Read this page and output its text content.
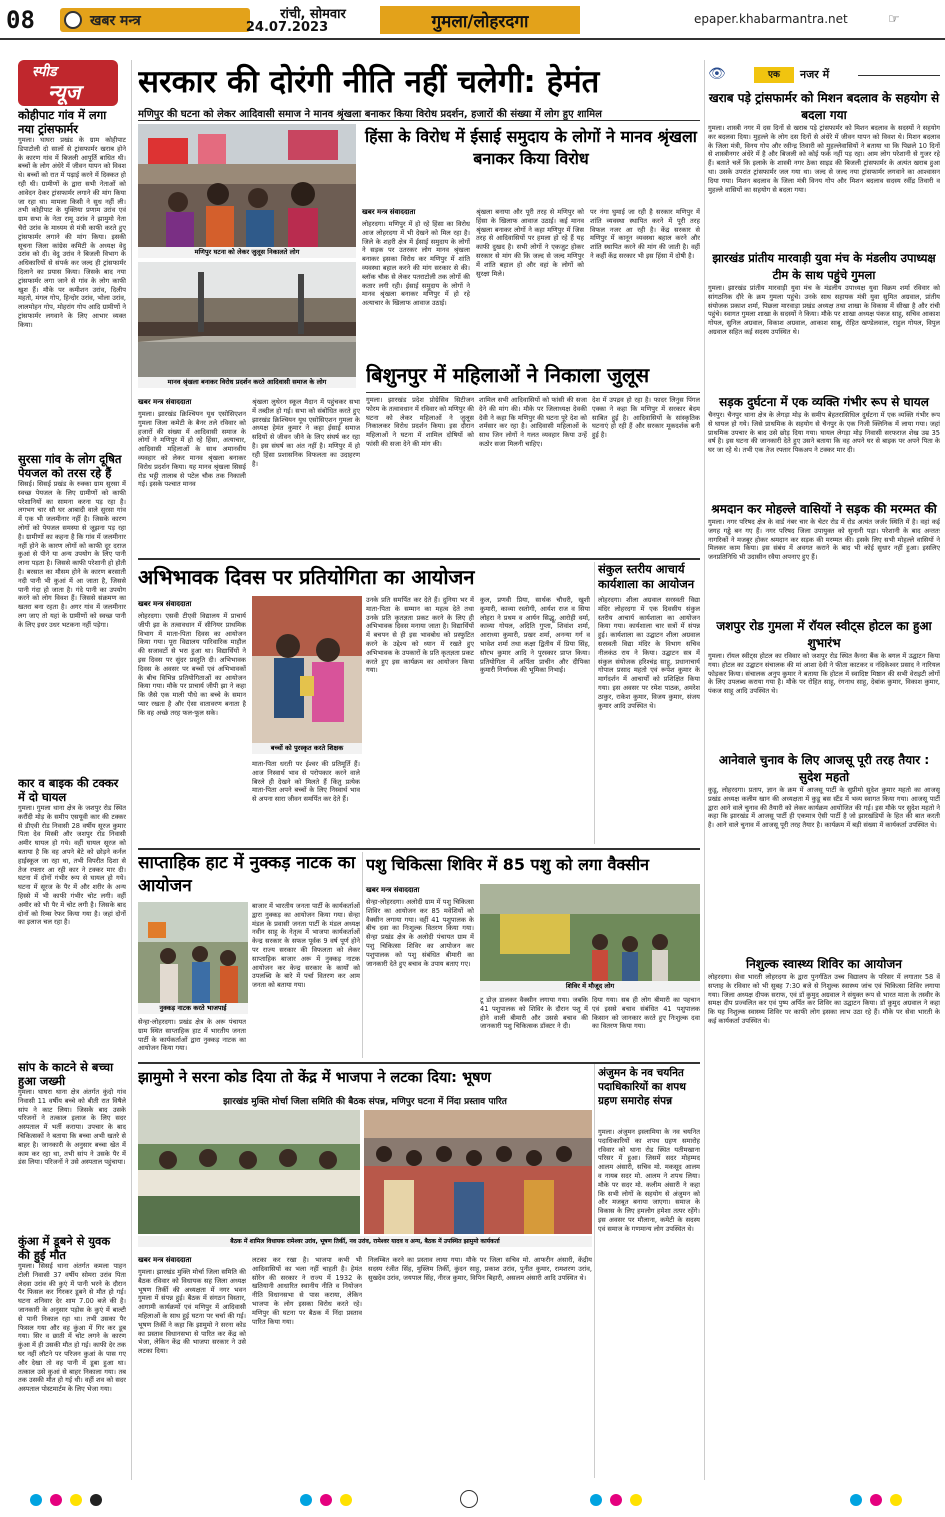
08	खबर मन्त्र	रांची, सोमवार
24.07.2023	गुमला/लोहरदगा	epaper.khabarmantra.net	☞
स्पीड
न्यूज
कोहीपाट गांव में लगा नया ट्रांसफार्मर
गुमला। घाघरा प्रखंड के ग्राम कोहीपाट डिपाटोली दो सालों से ट्रांसफार्मर खराब होने के कारण गांव में बिजली आपूर्ति बाधित थी। बच्चों के लोग अंधेरे में जीवन यापन को विवश थे। बच्चों को रात में पढ़ाई करने में दिक्कत हो रही थी। ग्रामीणों के द्वारा सभी नेताओं को आवेदन देकर ट्रांसफार्मर लगाने की मांग किया जा रहा था। मामला किसी ने सुध नहीं ली। तभी कोहीपाट के युक्तिया प्रणाम उरांव एवं ग्राम सभा के नेता रामू उरांव ने झामुमो नेता चैरो उरांव के माध्यम से मंत्री काफी करते हुए ट्रांसफार्मर लगाने की मांग किया। इसकी सूचना जिला कांग्रेस कमिटी के अध्यक्ष वेदु उरांव को दी। वेदु उरांव ने बिजली विभाग के अधिकारियों से संपर्क कर जल्द ही ट्रांसफार्मर दिलाने का प्रयास किया। जिसके बाद नया ट्रांसफार्मर लगा जाने से गांव के लोग काफी खुश हैं। मौके पर कमीशन उरांव, दिलीप महतो, मंगल गोप, हिन्दोर उरांव, भोला उरांव, लालमोहन गोप, मोहरांग गोप आदि ग्रामीणों ने ट्रांसफार्मर लगवाने के लिए आभार व्यक्त किया।
सुरसा गांव के लोग दूषित पेयजल को तरस रहे हैं
सिसई। सिसई प्रखंड के रुक्का ग्राम सुरसा में स्वच्छ पेयजल के लिए ग्रामीणों को काफी परेशानियों का सामना करना पड़ रहा है। लगभग चार सौ घर आबादी वाले सुरसा गांव में एक भी जलमीनार नहीं है। जिसके कारण लोगों को पेयजल समस्या से जूझना पड़ रहा है। ग्रामीणों का कहना है कि गांव में जलमीनार नहीं होने के कारण लोगों को काफी दूर दराज कुआं से पीने या अन्य उपयोग के लिए पानी लाना पड़ता है। जिससे काफी परेशानी हो होती है। बरसात का मौसम होने के कारण बरसाती नदी पानी भी कुआं में आ जाता है, जिससे पानी गंदा हो जाता है। गंदे पानी का उपयोग करने को लोग विवश हैं। जिससे संक्रमण का खतरा बना रहता है। अगर गांव में जलमीनार लग जाए तो यहां के ग्रामीणों को स्वच्छ पानी के लिए इधर उधर भटकना नहीं पड़ेगा।
कार व बाइक की टक्कर में दो घायल
गुमला। गुमला थाना क्षेत्र के जशपुर रोड स्थित करौंदी मोड़ के समीप एसयूवी कार की टक्कर से डीएवी रोड निवासी 28 वर्षीय सूरज कुमार पिता देव मिस्त्री और जशपुर रोड निवासी अमीर घायल हो गये। वहीं घायल सूरज को बताया है कि वह अपने बेटे को छोड़ने कर्नल हाईस्कूल जा रहा था, तभी विपरीत दिशा से तेज रफ्तार आ रही कार ने टक्कर मार दी। घटना में दोनों गंभीर रूप से घायल हो गये। घटना में सूरज के पैर में और शरीर के अन्य हिस्से में भी काफी गंभीर चोट लगी। वहीं अमीर को भी पैर में चोट लगी है। जिसके बाद दोनों को रिम्स रेफर किया गया है। जहां दोनों का इलाज चल रहा है।
सांप के काटने से बच्चा हुआ जख्मी
गुमला। घाघरा थाना क्षेत्र अंतर्गत कुंदो गांव निवासी 11 वर्षीय बच्चे को बीती रात विषैले सांप ने काट लिया। जिसके बाद उसके परिजनों ने तत्काल इलाज के लिए सदर अस्पताल में भर्ती कराया। उपचार के बाद चिकित्सकों ने बताया कि बच्चा अभी खतरे से बाहर है। जानकारी के अनुसार बच्चा खेत में काम कर रहा था, तभी सांप ने उसके पैर में डंस लिया। परिजनों ने उसे अस्पताल पहुंचाया।
कुंआ में डूबने से युवक की हुई मौत
गुमला। सिसई थाना अंतर्गत कमला पाहन टोली निवासी 37 वर्षीय सोमरा उरांव पिता लेदवा उरांव की कुएं में पानी भरने के दौरान पैर फिसल कर गिरकर डूबने से मौत हो गई। घटना शनिवार देर शाम 7.00 बजे की है। जानकारी के अनुसार पड़ोस के कुएं में बाल्टी से पानी निकाल रहा था। तभी उसका पैर फिसल गया और वह कुंआ में गिर कर डूब गया। सिर व छाती में चोट लगने के कारण कुंआ में ही उसकी मौत हो गई। काफी देर तक घर नहीं लौटने पर परिजन कुआं के पास गए और देखा तो वह पानी में डूबा हुआ था। तत्काल उसे कुआं से बाहर निकाला गया। तब तक उसकी मौत हो गई थी। वहीं शव को सदर अस्पताल पोस्टमार्टम के लिए भेजा गया।
सरकार की दोरंगी नीति नहीं चलेगी: हेमंत
मणिपुर की घटना को लेकर आदिवासी समाज ने मानव श्रृंखला बनाकर किया विरोध प्रदर्शन, हजारों की संख्या में लोग हुए शामिल
मणिपुर घटना को लेकर जुलूस निकालते लोग
मानव श्रृंखला बनाकर विरोध प्रदर्शन करते आदिवासी समाज के लोग
हिंसा के विरोध में ईसाई समुदाय के लोगों ने मानव श्रृंखला बनाकर किया विरोध
खबर मन्त्र संवाददाता
लोहरदगा। मणिपुर में हो रहे हिंसा का विरोध आज लोहरदगा में भी देखने को मिल रहा है। जिले के शहरी क्षेत्र में ईसाई समुदाय के लोगों ने सड़क पर उतरकर लोग मानव श्रृंखला बनाकर इसका विरोध कर मणिपुर में शांति व्यवस्था बहाल करने की मांग सरकार से की। ब्लॉक चौक से लेकर पतराटोली तक लोगों की कतार लगी रही। ईसाई समुदाय के लोगों ने मानव श्रृंखला बनाकर मणिपुर में हो रहे अत्याचार के खिलाफ आवाज उठाई।
श्रृंखला बनाया और पूरी तरह से मणिपुर को हिंसा के खिलाफ आवाज उठाई। कई मानव श्रृंखला बनाकर लोगों ने कहा मणिपुर में जिस तरह से आदिवासियों पर हमला हो रहे हैं यह काफी दुखद है। सभी लोगों ने एकजुट होकर सरकार से मांग की कि जल्द से जल्द मणिपुर में शांति बहाल हो और वहां के लोगों को सुरक्षा मिले।
पर नंगा घुमाई जा रही है सरकार मणिपुर में शांति व्यवस्था स्थापित करने में पूरी तरह विफल नजर आ रही है। केंद्र सरकार से मणिपुर में कानून व्यवस्था बहाल करने और शांति स्थापित करने की मांग की जाती है। वहीं ने कहीं केंद्र सरकार भी इस हिंसा में दोषी है।
खबर मन्त्र संवाददाता
गुमला। झारखंड क्रिश्चियन यूथ एसोसिएशन गुमला जिला कमेटी के बैनर तले रविवार को हजारों की संख्या में आदिवासी समाज के लोगों ने मणिपुर में हो रहे हिंसा, अत्याचार, आदिवासी महिलाओं के साथ अमानवीय व्यवहार को लेकर मानव श्रृंखला बनाकर विरोध प्रदर्शन किया। यह मानव श्रृंखला सिसई रोड भट्ठी तालाब से पटेल चौक तक निकाली गई। इसके पश्चात मानव
श्रृंखला लुथेरन स्कूल मैदान में पहुंचकर सभा में तब्दील हो गई। सभा को संबोधित करते हुए झारखंड क्रिश्चियन यूथ एसोसिएशन गुमला के अध्यक्ष हेमंत कुमार ने कहा ईसाई समाज सदियों से जीवन जीने के लिए संघर्ष कर रहा है। इस संघर्ष का अंत नहीं है। मणिपुर में हो रही हिंसा प्रशासनिक विफलता का उदाहरण है।
बिशुनपुर में महिलाओं ने निकाला जुलूस
गुमला। झारखंड प्रदेश प्रोग्रेसिव सिटीजन फोरम के तत्वावधान में रविवार को मणिपुर की घटना को लेकर महिलाओं ने जुलूस निकालकर विरोध प्रदर्शन किया। इस दौरान महिलाओं ने घटना में शामिल दोषियों को फांसी की सजा देने की मांग की।
शामिल सभी आदिवासियों को फांसी की सजा देने की मांग की। मौके पर जिलाध्यक्ष देवकी देवी ने कहा कि मणिपुर की घटना पूरे देश को शर्मसार कर रहा है। आदिवासी महिलाओं के साथ जिन लोगों ने गलत व्यवहार किया उन्हें कठोर सजा मिलनी चाहिए।
देश में उपद्रव हो रहा है। फादर लिनुस पिंगल एक्का ने कहा कि मणिपुर में सरकार बेदम साबित हुई है। आदिवासियों के सांस्कृतिक घटनाएं हो रही हैं और सरकार मूकदर्शक बनी हुई है।
अभिभावक दिवस पर प्रतियोगिता का आयोजन
खबर मन्त्र संवाददाता
लोहरदगा। एसवी टीएवी विद्यालय में प्राचार्य जीपी झा के तत्वावधान में सीनियर प्राथमिक विभाग में माता-पिता दिवस का आयोजन किया गया। पूरा विद्यालय पारिवारिक माहौल की सजावटों से भरा हुआ था। विद्यार्थियों ने इस दिवस पर सुंदर प्रस्तुति दी। अभिभावक दिवस के अवसर पर बच्चों एवं अभिभावकों के बीच विभिन्न प्रतियोगिताओं का आयोजन किया गया। मौके पर प्राचार्य जीपी झा ने कहा कि जैसे एक माली पौधे का बच्चे के समान प्यार रखता है और ऐसा वातावरण बनाता है कि वह अच्छे तरह फल-फूल सके।
बच्चों को पुरस्कृत करते शिक्षक
माता-पिता धरती पर ईश्वर की प्रतिमूर्ति हैं। आज निस्वार्थ भाव से परोपकार करने वाले बिरले ही देखने को मिलते हैं किंतु प्रत्येक माता-पिता अपने बच्चों के लिए निस्वार्थ भाव से अपना सारा जीवन समर्पित कर देते हैं।
उनके प्रति समर्पित कर देते हैं। दुनिया भर में माता-पिता के सम्मान का महत्व देते तथा उनके प्रति कृतज्ञता प्रकट करने के लिए ही अभिभावक दिवस मनाया जाता है। विद्यार्थियों में बचपन से ही इस भावबोध को प्रस्फुटित करने के उद्देश्य को ध्यान में रखते हुए अभिभावक के उपकारों के प्रति कृतज्ञता प्रकट करते हुए इस कार्यक्रम का आयोजन किया गया।
कुल, प्रणवी प्रिया, सार्थक चौधरी, खुशी कुमारी, काव्या रस्तोगी, आर्यश राज व सिया लोहरा ने प्रथम व आर्यन सिद्धू, आरोही वर्मा, काव्या गोयल, अदिति गुप्ता, शिवांश शर्मा, आराध्या कुमारी, प्रखर शर्मा, अनन्या गर्ग व भावेश शर्मा तथा कक्षा द्वितीय में प्रिया सिंह, सौरभ कुमार आदि ने पुरस्कार प्राप्त किया। प्रतियोगिता में अर्पिता प्राचीन और दीपिका कुमारी निर्णायक की भूमिका निभाई।
संकुल स्तरीय आचार्य कार्यशाला का आयोजन
लोहरदगा। शीला अग्रवाल सरस्वती विद्या मंदिर लोहरदगा में एक दिवसीय संकुल स्तरीय आचार्य कार्यशाला का आयोजन किया गया। कार्यशाला चार सत्रों में संपन्न हुई। कार्यशाला का उद्घाटन शीला अग्रवाल सरस्वती विद्या मंदिर के विभाग सचिव नीलकंठ राय ने किया। उद्घाटन सत्र में संकुल संयोजक हरिश्चंद्र साहू, प्रधानाचार्य गोपाल प्रसाद महतो एवं रूपेश कुमार के मार्गदर्शन में आचार्यों को प्रशिक्षित किया गया। इस अवसर पर रमेश पाठक, अमरेश ठाकुर, राकेश कुमार, विजय कुमार, संजय कुमार आदि उपस्थित थे।
साप्ताहिक हाट में नुक्कड़ नाटक का आयोजन
नुक्कड़ नाटक करते भाजपाई
सेन्हा-लोहरदगा। प्रखंड क्षेत्र के अरू पंचायत ग्राम स्थित साप्ताहिक हाट में भारतीय जनता पार्टी के कार्यकर्ताओं द्वारा नुक्कड़ नाटक का आयोजन किया गया।
बाजार में भारतीय जनता पार्टी के कार्यकर्ताओं द्वारा नुक्कड़ का आयोजन किया गया। सेन्हा मंडल के प्रवासी जनता पार्टी के मंडल अध्यक्ष नवीन साहू के नेतृत्व में भाजपा कार्यकर्ताओं केन्द्र सरकार के सफल पूर्वक 9 वर्ष पूर्ण होने पर राज्य सरकार की विफलता को लेकर साप्ताहिक बाजार अरू में नुक्कड़ नाटक आयोजन कर केन्द्र सरकार के कार्यों को उपलब्धि के बारे में पर्चा वितरण कर आम जनता को बताया गया।
पशु चिकित्सा शिविर में 85 पशु को लगा वैक्सीन
खबर मन्त्र संवाददाता
सेन्हा-लोहरदगा। अलोदी ग्राम में पशु चिकित्सा शिविर का आयोजन कर 85 मवेशियों को वैक्सीन लगाया गया। वहीं 41 पशुपालक के बीच दवा का निःशुल्क वितरण किया गया। सेन्हा प्रखंड क्षेत्र के अलोदी पंचायत ग्राम में पशु चिकित्सा शिविर का आयोजन कर पशुपालक को पशु संबंधित बीमारी का जानकारी देते हुए बचाव के उपाय बताए गए।
शिविर में मौजूद लोग
टू डोज़ डालकर वैक्सीन लगाया गया। जबकि 41 पशुपालक को शिविर के दौरान पशु में होने वाली बीमारी और उससे बचाव की जानकारी पशु चिकित्सक डॉक्टर ने दी।
दिया गया। सब ही लोग बीमारी का पहचान एवं इससे बचाव संबंधित 41 पशुपालक किसान को जानकार करते हुए निःशुल्क दवा का वितरण किया गया।
झामुमो ने सरना कोड दिया तो केंद्र में भाजपा ने लटका दिया: भूषण
झारखंड मुक्ति मोर्चा जिला समिति की बैठक संपन्न, मणिपुर घटना में निंदा प्रस्ताव पारित
बैठक में शामिल विधायक रामेश्वर उरांव, भूषण तिर्की, नव उरांव, रामेश्वर यादव व अन्य, बैठक में उपस्थित झामुमो कार्यकर्ता
खबर मन्त्र संवाददाता
गुमला। झारखंड मुक्ति मोर्चा जिला समिति की बैठक रविवार को विधायक सह जिला अध्यक्ष भूषण तिर्की की अध्यक्षता में नगर भवन गुमला में संपन्न हुई। बैठक में संगठन विस्तार, आगामी कार्यक्रमों एवं मणिपुर में आदिवासी महिलाओं के साथ हुई घटना पर चर्चा की गई। भूषण तिर्की ने कहा कि झामुमो ने सरना कोड का प्रस्ताव विधानसभा से पारित कर केंद्र को भेजा, लेकिन केंद्र की भाजपा सरकार ने उसे लटका दिया।
लटका कर रखा है। भाजपा कभी भी आदिवासियों का भला नहीं चाहती है। हेमंत सोरेन की सरकार ने राज्य में 1932 के खतियानी आधारित स्थानीय नीति व नियोजन नीति विधानसभा से पास कराया, लेकिन भाजपा के लोग इसका विरोध करते रहे। मणिपुर की घटना पर बैठक में निंदा प्रस्ताव पारित किया गया।
निलम्बित करने का प्रस्ताव लाया गया। मौके पर जिला सचिव मो. आफरीन अंसारी, केंद्रीय सदस्य रंजीत सिंह, मुस्लिम तिर्की, कुंदन साहू, प्रकाश उरांव, पुनीत कुमार, रामशरण उरांव, सुखदेव उरांव, जयपाल सिंह, नीरज कुमार, विपिन बिहारी, असलम अंसारी आदि उपस्थित थे।
अंजुमन के नव चयनित पदाधिकारियों का शपथ ग्रहण समारोह संपन्न
गुमला। अंजुमन इस्लामिया के नव चयनित पदाधिकारियों का शपथ ग्रहण समारोह रविवार को थाना रोड स्थित यतीमखाना परिसर में हुआ। जिसमें सदर मोहम्मद आलम अंसारी, सचिव मो. मकसूद आलम व नायब सदर मो. आलम ने शपथ लिया। मौके पर सदर मो. कलीम अंसारी ने कहा कि सभी लोगों के सहयोग से अंजुमन को और मजबूत बनाया जाएगा। समाज के विकास के लिए हमलोग हमेशा तत्पर रहेंगे। इस अवसर पर मौलाना, कमेटी के सदस्य एवं समाज के गणमान्य लोग उपस्थित थे।
👁	एक	नजर में
खराब पड़े ट्रांसफार्मर को मिशन बदलाव के सहयोग से बदला गया
गुमला। शास्त्री नगर में दस दिनों से खराब पड़े ट्रांसफार्मर को मिशन बदलाव के सदस्यों ने सहयोग कर बदलवा दिया। मुहल्ले के लोग दस दिनों से अंधेरे में जीवन यापन को विवश थे। मिशन बदलाव के जिला मंत्री, विनय गोप और रवीन्द्र तिवारी को मुहल्लेवासियों ने बताया था कि पिछले 10 दिनों से शास्त्रीनगर अंधेरे में है और बिजली को कोई फर्क नहीं पड़ रहा। आम लोग परेशानी से गुजर रहे हैं। बताते चलें कि इलाके के शास्त्री नगर ठेका साइड की बिजली ट्रांसफार्मर के अत्यंत खराब हुआ था। उसके उपरांत ट्रांसफार्मर जल गया था। जल्द से जल्द नया ट्रांसफार्मर लगवाने का आश्वासन दिया गया। मिशन बदलाव के जिला मंत्री विनय गोप और मिशन बदलाव सदस्य रवींद्र तिवारी व मुहल्ले वासियों का सहयोग से बदला गया।
झारखंड प्रांतीय मारवाड़ी युवा मंच के मंडलीय उपाध्यक्ष टीम के साथ पहुंचे गुमला
गुमला। झारखंड प्रांतीय मारवाड़ी युवा मंच के मंडलीय उपाध्यक्ष युवा विक्रम शर्मा रविवार को सांगठनिक दौरे के क्रम गुमला पहुंचे। उनके साथ सहायक मंत्री युवा सुमित अग्रवाल, प्रांतीय संयोजक प्रकाश शर्मा, पिछला मारवाड़ा प्रखंड अध्यक्ष तथा शाखा के विकास में सीखा है और रांची पहुंचे। स्वागत गुमला शाखा के सदस्यों ने किया। मौके पर शाखा अध्यक्ष पंकज साहू, सचिव आकाश गोयल, सुनिल अग्रवाल, विकाश अग्रवाल, आकाश साबू, रोहित खण्डेलवाल, राहुल गोयल, विपुल अग्रवाल सहित कई सदस्य उपस्थित थे।
सड़क दुर्घटना में एक व्यक्ति गंभीर रूप से घायल
चैनपुर। चैनपुर थाना क्षेत्र के लेगड़ा मोड़ के समीप बेहतरासिधिल दुर्घटना में एक व्यक्ति गंभीर रूप से घायल हो गये। जिसे प्राथमिक के सहयोग से चैनपुर के एक निजी क्लिनिक में लाया गया। जहां प्राथमिक उपचार के बाद उसे छोड़ दिया गया। घायल लेगड़ा मोड़ निवासी सरफराज शेख उम्र 35 वर्ष है। इस घटना की जानकारी देते हुए उसने बताया कि वह अपने घर से बाइक पर अपने पिता के घर जा रहे थे। तभी एक तेज रफ्तार पिकअप ने टक्कर मार दी।
श्रमदान कर मोहल्ले वासियों ने सड़क की मरम्मत की
गुमला। नगर परिषद क्षेत्र के वार्ड नंबर चार के चेटर रोड में रोड अत्यंत जर्जर स्थिति में है। वहां कई जगह गड्ढे बन गए हैं। नगर परिषद जिला उपायुक्त को सुनानी पड़ा। परेशानी के बाद अन्ततः नागरिकों ने मजबूर होकर श्रमदान कर सड़क की मरम्मत की। इसके लिए सभी मोहल्ले वासियों ने मिलकर काम किया। इस संबंध में अवगत कराने के बाद भी कोई सुधार नहीं हुआ। इसलिए जनप्रतिनिधि भी उदासीन रवैया अपनाए हुए हैं।
जशपुर रोड गुमला में रॉयल स्वीट्स होटल का हुआ शुभारंभ
गुमला। रॉयल स्वीट्स होटल का रविवार को जशपुर रोड स्थित कैनरा बैंक के बगल में उद्घाटन किया गया। होटल का उद्घाटन संचालक की मां आशा देवी ने फीता काटकर व नंदिकेश्वर प्रसाद ने नारियल फोड़कर किया। संचालक अनुप कुमार ने बताया कि होटल में स्वादिष्ट मिष्ठान की सभी वेराइटी लोगों के लिए उपलब्ध कराया गया है। मौके पर रोहित साहू, रंगनाथ साहू, देबांक कुमार, विकाश कुमार, पंकज साहू आदि उपस्थित थे।
आनेवाले चुनाव के लिए आजसू पूरी तरह तैयार : सुदेश महतो
कुडू, लोहरदगा। प्रताप, ज्ञान के क्रम में आजसू पार्टी के सुप्रीमो सुदेश कुमार महतो का आजसू प्रखंड अध्यक्ष कलीम खान की अध्यक्षता में कुडू बस स्टैंड में भव्य स्वागत किया गया। आजसू पार्टी द्वारा आने वाले चुनाव की तैयारी को लेकर कार्यक्रम आयोजित की गई। इस मौके पर सुदेश महतो ने कहा कि झारखंड में आजसू पार्टी ही एकमात्र ऐसी पार्टी है जो झारखंडियों के हित की बात करती है। आने वाले चुनाव में आजसू पूरी तरह तैयार है। कार्यक्रम में बड़ी संख्या में कार्यकर्ता उपस्थित थे।
निशुल्क स्वास्थ्य शिविर का आयोजन
लोहरदगा। सेवा भारती लोहरदगा के द्वारा पुनर्गठित उच्च विद्यालय के परिसर में लगातार 58 वें सप्ताह के रविवार को भी सुबह 7:30 बजे से निशुल्क स्वास्थ्य जांच एवं चिकित्सा शिविर लगाया गया। जिला अध्यक्ष दीपक सराफ, एवं डॉ कुमुद अग्रवाल ने संयुक्त रूप से भारत माता के तस्वीर के समक्ष दीप प्रज्वलित कर एवं पुष्प अर्पित कर शिविर का उद्घाटन किया। डॉ कुमुद अग्रवाल ने कहा कि यह निशुल्क स्वास्थ्य शिविर पर काफी लोग इसका लाभ उठा रहे हैं। मौके पर सेवा भारती के कई कार्यकर्ता उपस्थित थे।
